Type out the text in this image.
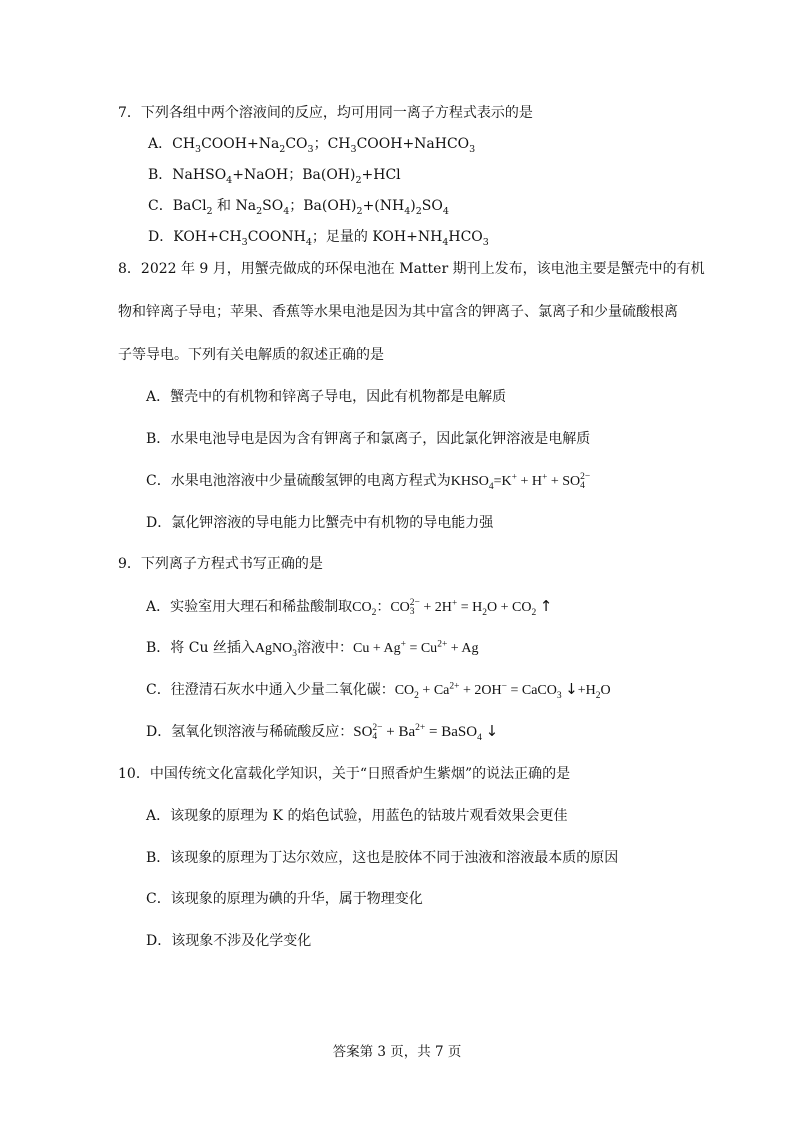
7．下列各组中两个溶液间的反应，均可用同一离子方程式表示的是
A．$CH_3COOH+Na_2CO_3$；$CH_3COOH+NaHCO_3$
B．NaHSO$_4$+NaOH；$Ba(OH)_2+HCl$
C．BaCl$_2$ 和 $Na_2SO_4$；$Ba(OH)_2+(NH_4)_2SO_4$
D．$KOH+CH_3COONH_4$；足量的 $KOH+NH_4HCO_3$
8．2022 年 9 月，用蟹壳做成的环保电池在 Matter 期刊上发布，该电池主要是蟹壳中的有机
物和锌离子导电；苹果、香蕉等水果电池是因为其中富含的钾离子、氯离子和少量硫酸根离
子等导电。下列有关电解质的叙述正确的是
A．蟹壳中的有机物和锌离子导电，因此有机物都是电解质
B．水果电池导电是因为含有钾离子和氯离子，因此氯化钾溶液是电解质
C．水果电池溶液中少量硫酸氢钾的电离方程式为$KHSO_4=K^+ + H^+$ + SO 2−
4
D．氯化钾溶液的导电能力比蟹壳中有机物的导电能力强
9．下列离子方程式书写正确的是
A．实验室用大理石和稀盐酸制取$CO_2$：CO 2−
$3 + 2H^+ = H_2O + CO_2$ ↑
B．将 Cu 丝插入AgNO$_3$溶液中：$Cu + Ag^+ = Cu^{2+} + Ag$
C．往澄清石灰水中通入少量二氧化碳：$CO_2 + Ca^{2+} + 2OH^-$ = CaCO$_3$ $↓+H_2O$
D．氢氧化钡溶液与稀硫酸反应：SO 2−
$4 + Ba^{2+}$ = BaSO$_4$ ↓
10．中国传统文化富载化学知识，关于“日照香炉生紫烟”的说法正确的是
A．该现象的原理为 K 的焰色试验，用蓝色的钴玻片观看效果会更佳
B．该现象的原理为丁达尔效应，这也是胶体不同于浊液和溶液最本质的原因
C．该现象的原理为碘的升华，属于物理变化
D．该现象不涉及化学变化
答案第 3 页，共 7 页
